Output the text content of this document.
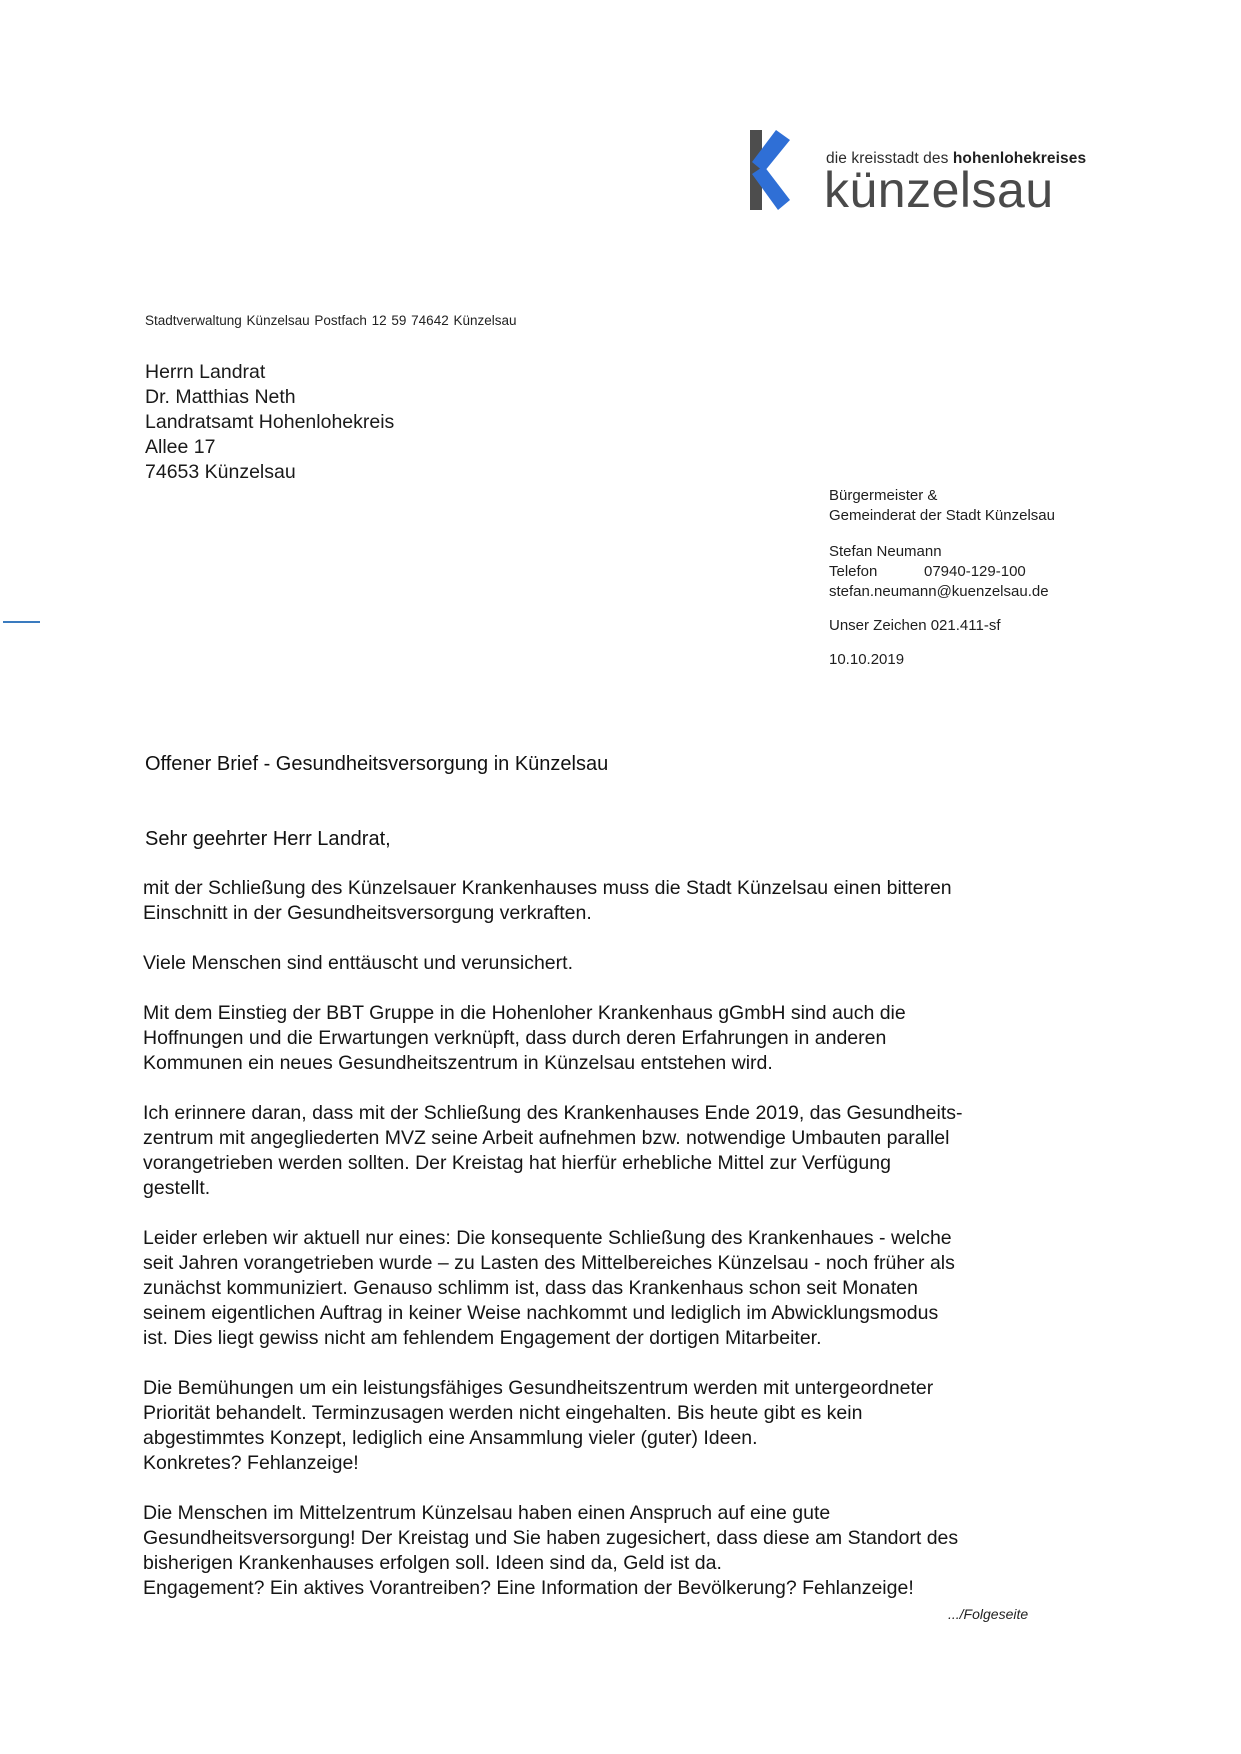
die kreisstadt des hohenlohekreises
künzelsau
Stadtverwaltung Künzelsau Postfach 12 59 74642 Künzelsau
Herrn Landrat
Dr. Matthias Neth
Landratsamt Hohenlohekreis
Allee 17
74653 Künzelsau
Bürgermeister &
Gemeinderat der Stadt Künzelsau
Stefan Neumann
Telefon	07940-129-100
stefan.neumann@kuenzelsau.de
Unser Zeichen 021.411-sf
10.10.2019
Offener Brief - Gesundheitsversorgung in Künzelsau
Sehr geehrter Herr Landrat,

mit der Schließung des Künzelsauer Krankenhauses muss die Stadt Künzelsau einen bitteren
Einschnitt in der Gesundheitsversorgung verkraften.

Viele Menschen sind enttäuscht und verunsichert.

Mit dem Einstieg der BBT Gruppe in die Hohenloher Krankenhaus gGmbH sind auch die
Hoffnungen und die Erwartungen verknüpft, dass durch deren Erfahrungen in anderen
Kommunen ein neues Gesundheitszentrum in Künzelsau entstehen wird.

Ich erinnere daran, dass mit der Schließung des Krankenhauses Ende 2019, das Gesundheits-
zentrum mit angegliederten MVZ seine Arbeit aufnehmen bzw. notwendige Umbauten parallel
vorangetrieben werden sollten. Der Kreistag hat hierfür erhebliche Mittel zur Verfügung
gestellt.

Leider erleben wir aktuell nur eines: Die konsequente Schließung des Krankenhaues - welche
seit Jahren vorangetrieben wurde – zu Lasten des Mittelbereiches Künzelsau - noch früher als
zunächst kommuniziert. Genauso schlimm ist, dass das Krankenhaus schon seit Monaten
seinem eigentlichen Auftrag in keiner Weise nachkommt und lediglich im Abwicklungsmodus
ist. Dies liegt gewiss nicht am fehlendem Engagement der dortigen Mitarbeiter.

Die Bemühungen um ein leistungsfähiges Gesundheitszentrum werden mit untergeordneter
Priorität behandelt. Terminzusagen werden nicht eingehalten. Bis heute gibt es kein
abgestimmtes Konzept, lediglich eine Ansammlung vieler (guter) Ideen.
Konkretes? Fehlanzeige!

Die Menschen im Mittelzentrum Künzelsau haben einen Anspruch auf eine gute
Gesundheitsversorgung! Der Kreistag und Sie haben zugesichert, dass diese am Standort des
bisherigen Krankenhauses erfolgen soll. Ideen sind da, Geld ist da.
Engagement? Ein aktives Vorantreiben? Eine Information der Bevölkerung? Fehlanzeige!

.../Folgeseite
